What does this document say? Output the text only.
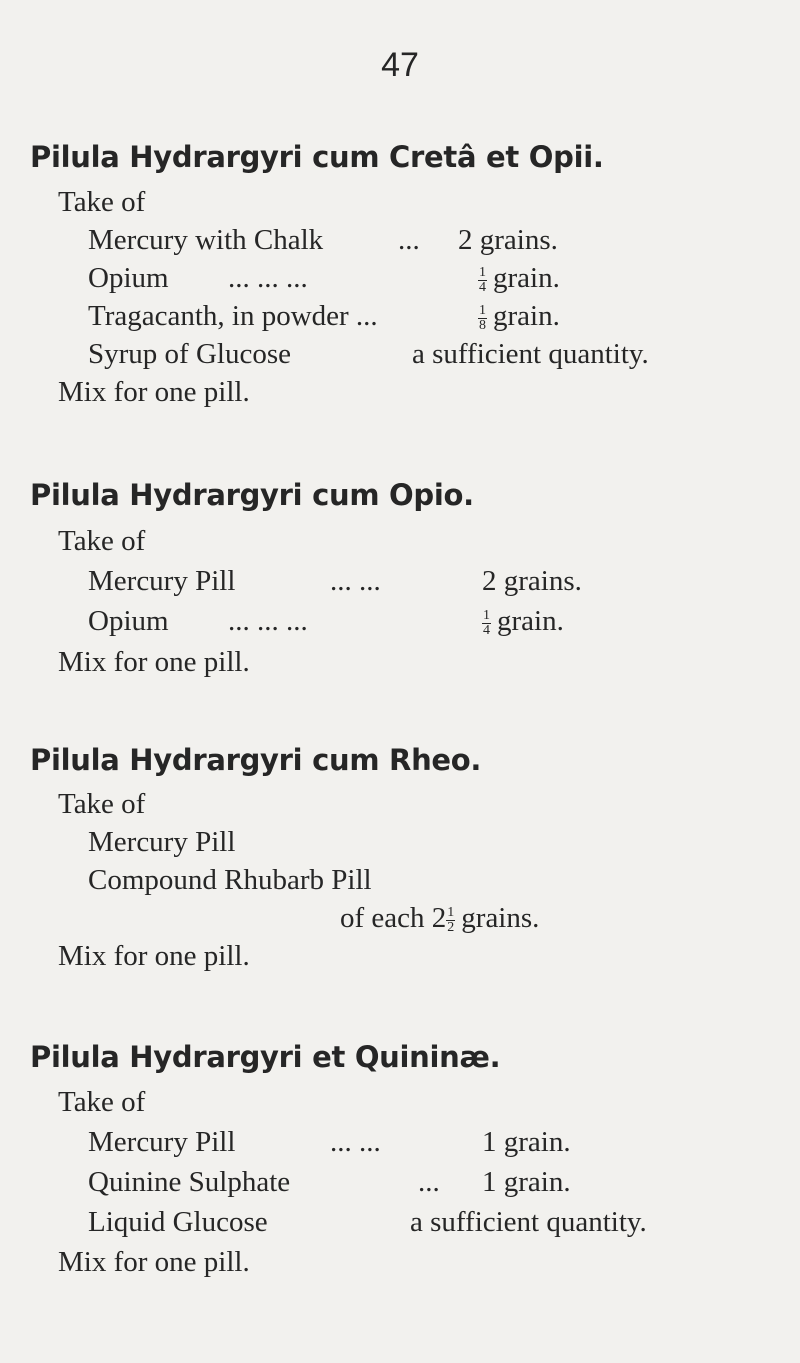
47
Pilula Hydrargyri cum Cretâ et Opii.
Take of
Mercury with Chalk	... 2 grains.
Opium ... ... ...	$\frac{1}{4}$ grain.
Tragacanth, in powder ...	$\frac{1}{8}$ grain.
Syrup of Glucose	a sufficient quantity.
Mix for one pill.
Pilula Hydrargyri cum Opio.
Take of
Mercury Pill	... ...	2 grains.
Opium ... ... ...	$\frac{1}{4}$ grain.
Mix for one pill.
Pilula Hydrargyri cum Rheo.
Take of
Mercury Pill
Compound Rhubarb Pill
of each $2 \frac{1}{2}$ grains.
Mix for one pill.
Pilula Hydrargyri et Quininæ.
Take of
Mercury Pill	... ...	1 grain.
Quinine Sulphate	... 1 grain.
Liquid Glucose	a sufficient quantity.
Mix for one pill.
